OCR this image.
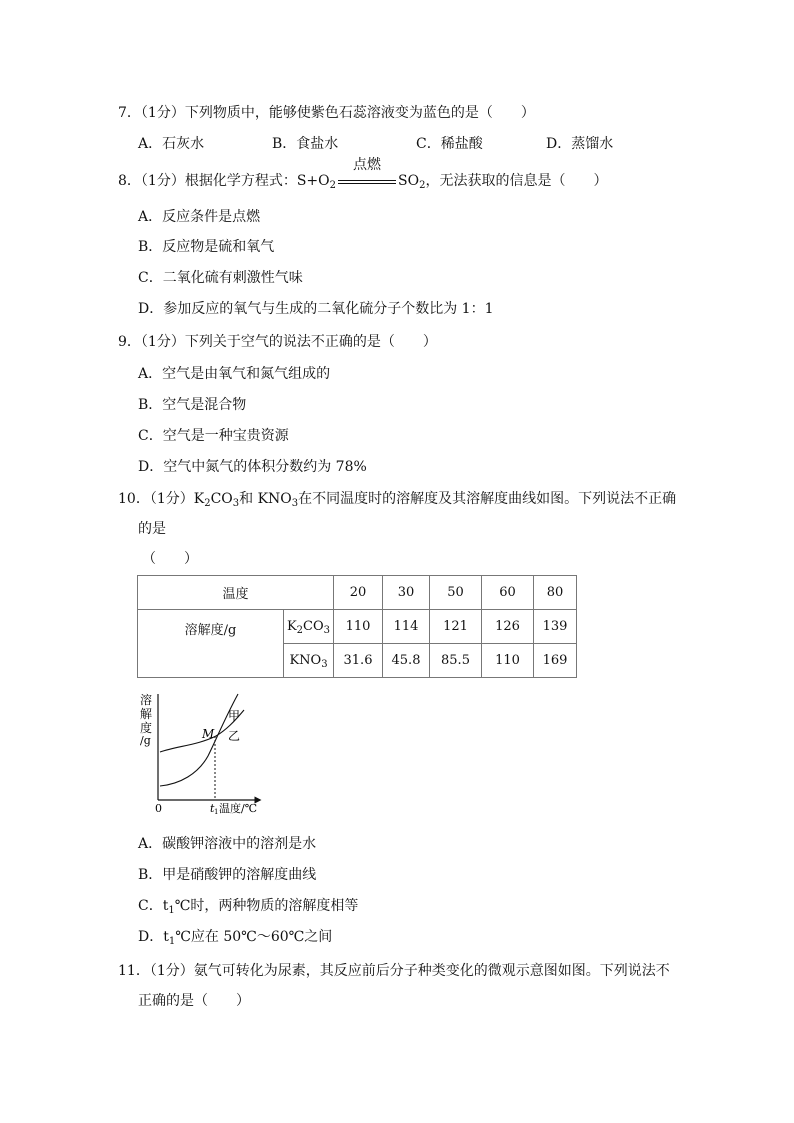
7．（1分）下列物质中，能够使紫色石蕊溶液变为蓝色的是（　　）
A．石灰水	B．食盐水	C．稀盐酸	D．蒸馏水
8．（1分）根据化学方程式：$S+O_2$
点燃
$SO_2$，无法获取的信息是（　　）
A．反应条件是点燃
B．反应物是硫和氧气
C．二氧化硫有刺激性气味
D．参加反应的氧气与生成的二氧化硫分子个数比为 1：1
9．（1分）下列关于空气的说法不正确的是（　　）
A．空气是由氧气和氮气组成的
B．空气是混合物
C．空气是一种宝贵资源
D．空气中氮气的体积分数约为 78%
10．（1分）$K_2CO_3$和 $KNO_3$在不同温度时的溶解度及其溶解度曲线如图。下列说法不正确
的是
（　　）
温度		20	30	50	60	80
溶解度/g	$K_2CO_3$	110	114	121	126	139
	$KNO_3$	31.6	45.8	85.5	110	169
溶
解
度
/g	M
甲
乙
0	t 1 温度/℃
A．碳酸钾溶液中的溶剂是水
B．甲是硝酸钾的溶解度曲线
C．$t_1℃$时，两种物质的溶解度相等
D．$t_1℃$应在 50℃～60℃之间
11．（1分）氨气可转化为尿素，其反应前后分子种类变化的微观示意图如图。下列说法不
正确的是（　　）
